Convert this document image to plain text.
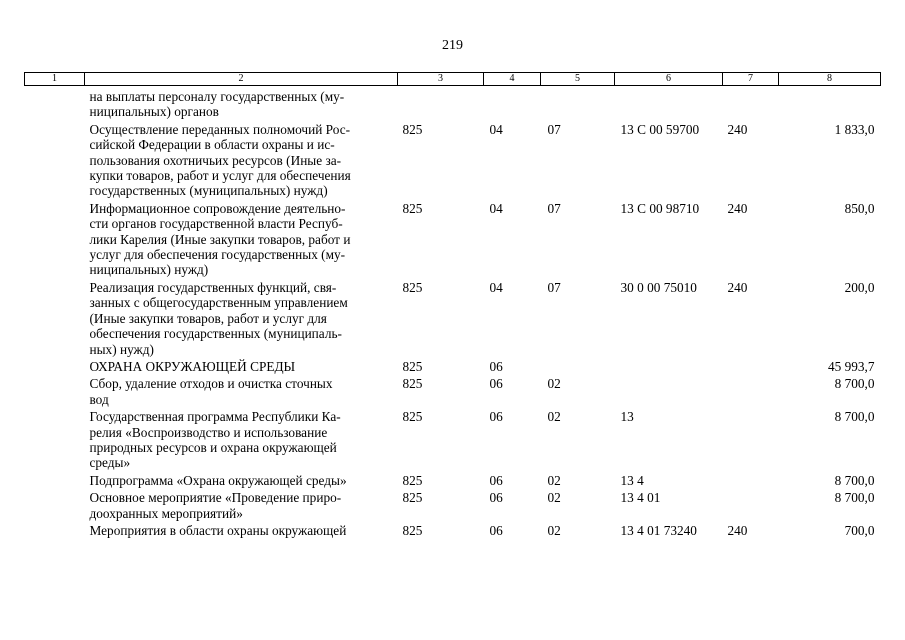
219
1	2	3	4	5	6	7	8
	на выплаты персоналу государственных (му-
ниципальных) органов						
	Осуществление переданных полномочий Рос-
сийской Федерации в области охраны и ис-
пользования охотничьих ресурсов (Иные за-
купки товаров, работ и услуг для обеспечения
государственных (муниципальных) нужд)	825	04	07	13 С 00 59700	240	1 833,0
	Информационное сопровождение деятельно-
сти органов государственной власти Респуб-
лики Карелия (Иные закупки товаров, работ и
услуг для обеспечения государственных (му-
ниципальных) нужд)	825	04	07	13 С 00 98710	240	850,0
	Реализация государственных функций, свя-
занных с общегосударственным управлением
(Иные закупки товаров, работ и услуг для
обеспечения государственных (муниципаль-
ных) нужд)	825	04	07	30 0 00 75010	240	200,0
	ОХРАНА ОКРУЖАЮЩЕЙ СРЕДЫ	825	06				45 993,7
	Сбор, удаление отходов и очистка сточных
вод	825	06	02			8 700,0
	Государственная программа Республики Ка-
релия «Воспроизводство и использование
природных ресурсов и охрана окружающей
среды»	825	06	02	13		8 700,0
	Подпрограмма «Охрана окружающей среды»	825	06	02	13 4		8 700,0
	Основное мероприятие «Проведение приро-
доохранных мероприятий»	825	06	02	13 4 01		8 700,0
	Мероприятия в области охраны окружающей	825	06	02	13 4 01 73240	240	700,0
